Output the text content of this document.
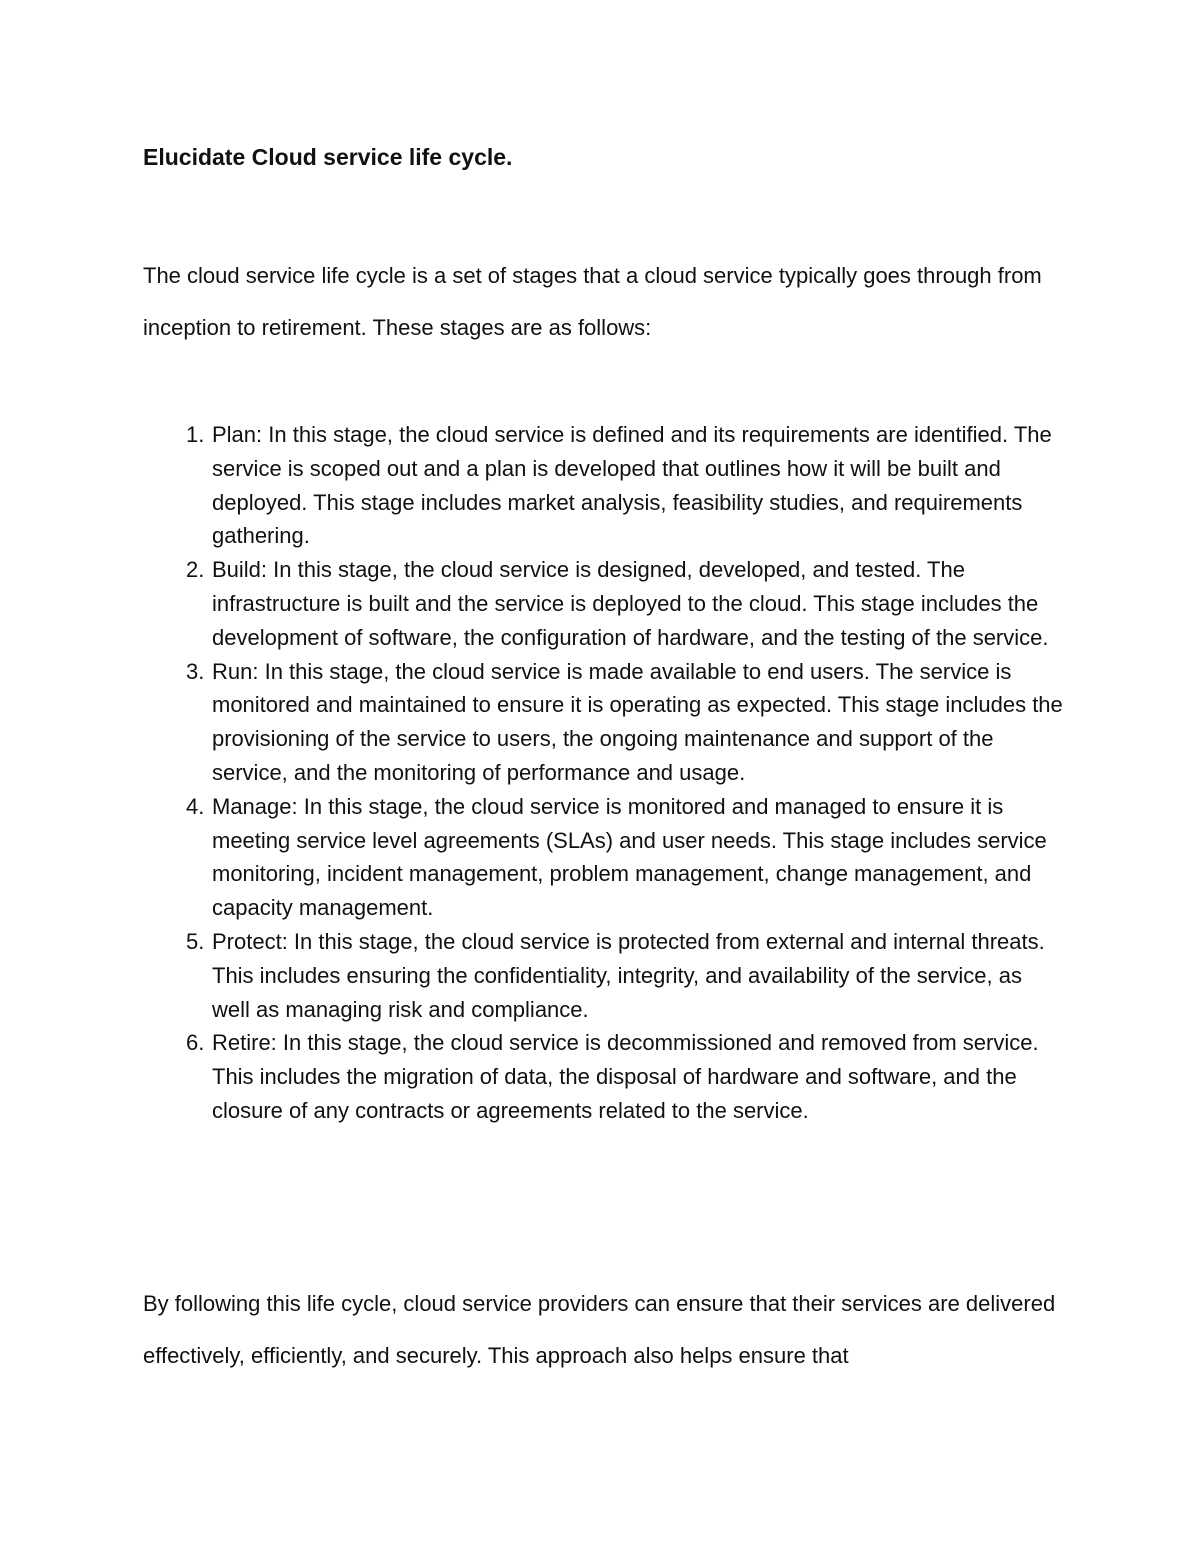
Elucidate Cloud service life cycle.

The cloud service life cycle is a set of stages that a cloud service typically goes through from inception to retirement. These stages are as follows:

1. Plan: In this stage, the cloud service is defined and its requirements are identified. The service is scoped out and a plan is developed that outlines how it will be built and deployed. This stage includes market analysis, feasibility studies, and requirements gathering.
2. Build: In this stage, the cloud service is designed, developed, and tested. The infrastructure is built and the service is deployed to the cloud. This stage includes the development of software, the configuration of hardware, and the testing of the service.
3. Run: In this stage, the cloud service is made available to end users. The service is monitored and maintained to ensure it is operating as expected. This stage includes the provisioning of the service to users, the ongoing maintenance and support of the service, and the monitoring of performance and usage.
4. Manage: In this stage, the cloud service is monitored and managed to ensure it is meeting service level agreements (SLAs) and user needs. This stage includes service monitoring, incident management, problem management, change management, and capacity management.
5. Protect: In this stage, the cloud service is protected from external and internal threats. This includes ensuring the confidentiality, integrity, and availability of the service, as well as managing risk and compliance.
6. Retire: In this stage, the cloud service is decommissioned and removed from service. This includes the migration of data, the disposal of hardware and software, and the closure of any contracts or agreements related to the service.

By following this life cycle, cloud service providers can ensure that their services are delivered effectively, efficiently, and securely. This approach also helps ensure that
